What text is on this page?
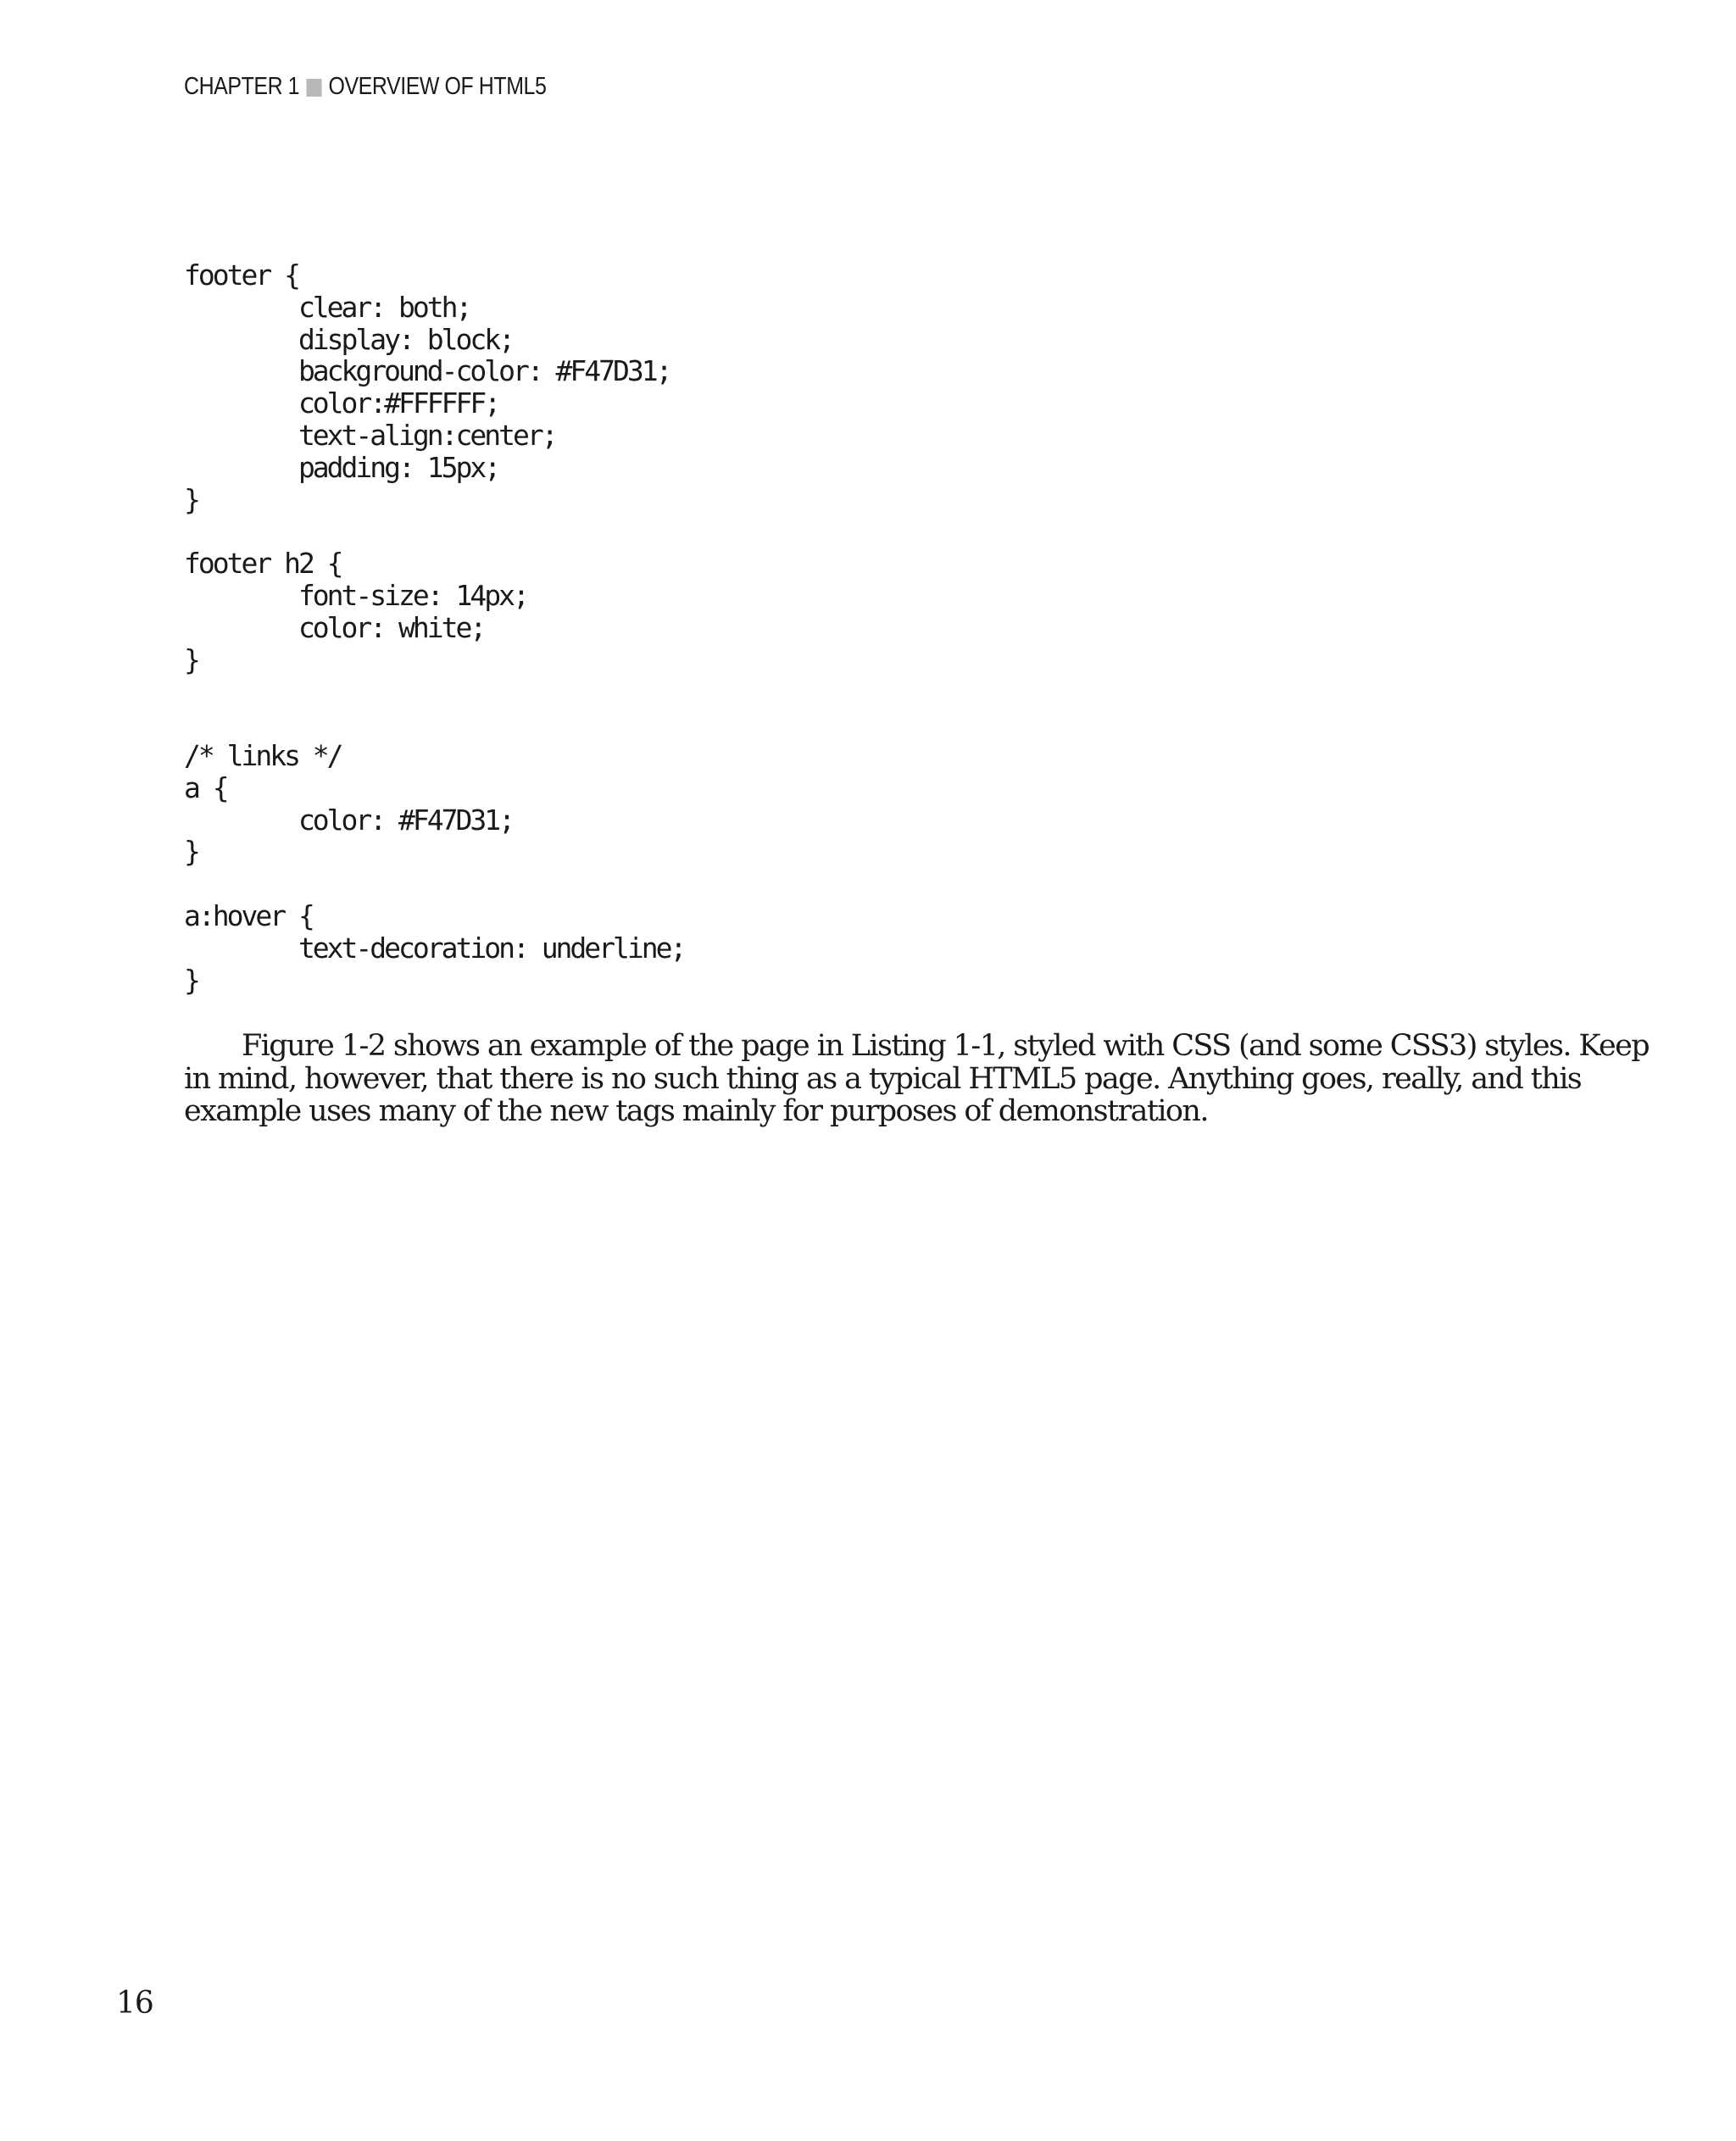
CHAPTER 1 OVERVIEW OF HTML5
footer {
clear: both;
display: block;
background-color: #F47D31;
color:#FFFFFF;
text-align:center;
padding: 15px;
}
footer h2 {
font-size: 14px;
color: white;
}
/* links */
a {
color: #F47D31;
}
a:hover {
text-decoration: underline;
}

Figure 1-2 shows an example of the page in Listing 1-1, styled with CSS (and some CSS3) styles. Keep
in mind, however, that there is no such thing as a typical HTML5 page. Anything goes, really, and this
example uses many of the new tags mainly for purposes of demonstration.

16
